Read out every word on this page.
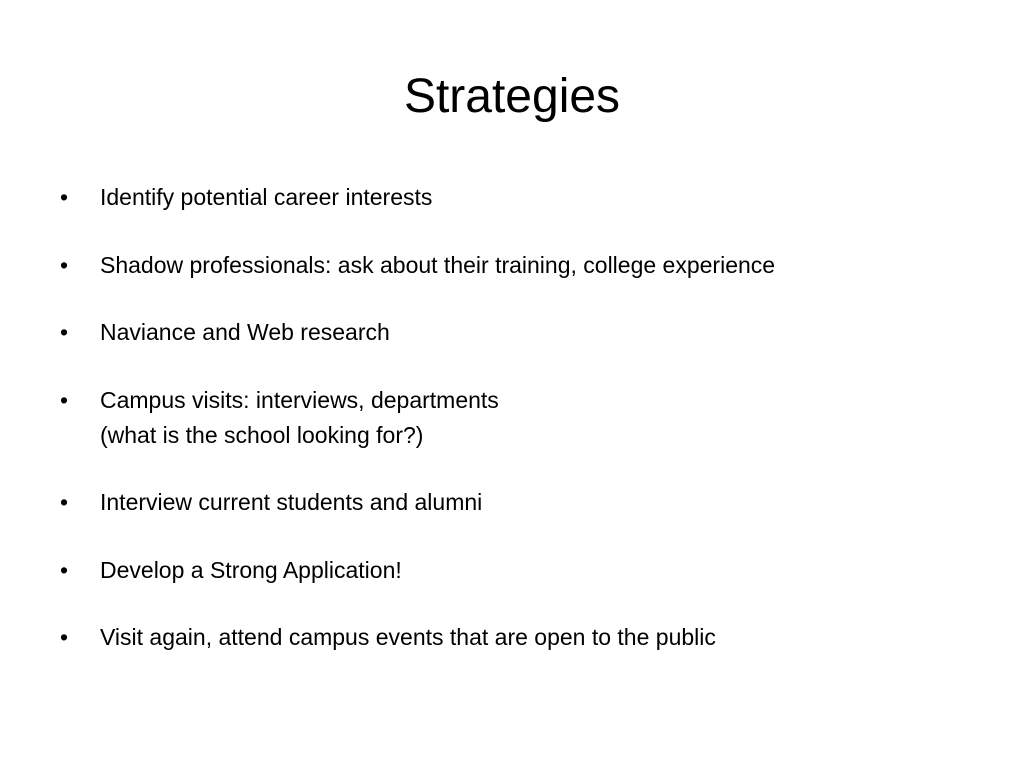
Strategies
• Identify potential career interests
• Shadow professionals: ask about their training, college experience
• Naviance and Web research
• Campus visits: interviews, departments
(what is the school looking for?)
• Interview current students and alumni
• Develop a Strong Application!
• Visit again, attend campus events that are open to the public
